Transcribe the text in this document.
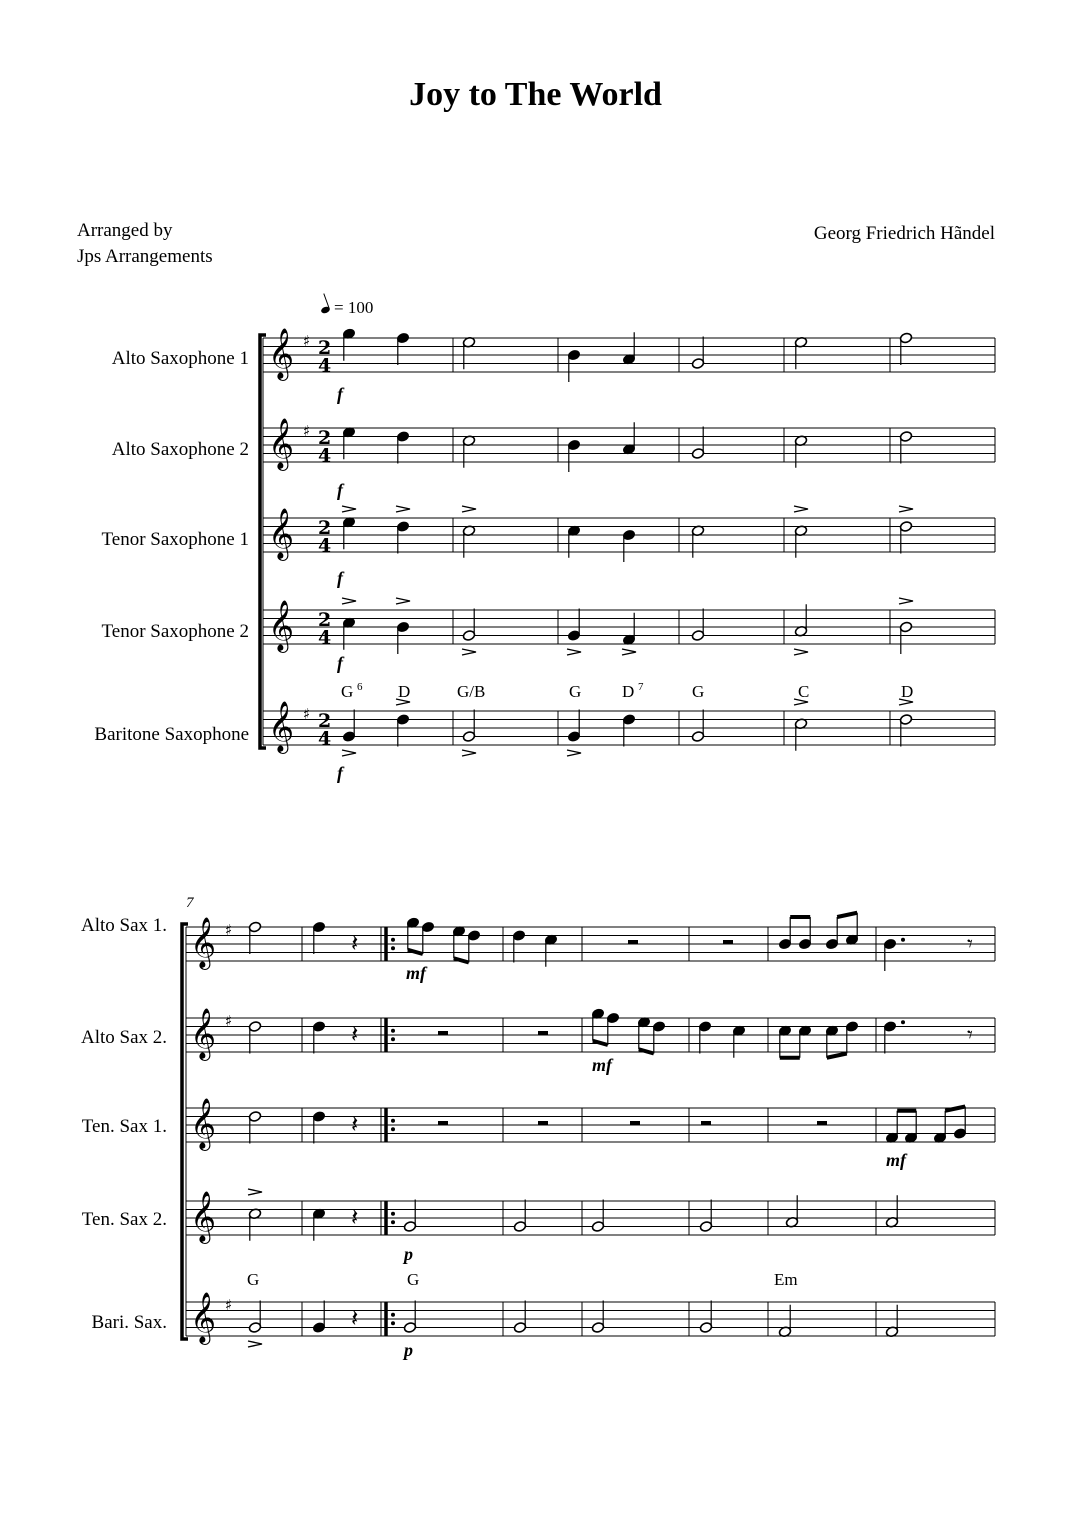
Joy to The World
Arranged by
Jps Arrangements
Georg Friedrich Hãndel
= 100
Alto Saxophone 1
Alto Saxophone 2
Tenor Saxophone 1
Tenor Saxophone 2
Baritone Saxophone
Alto Sax 1.
Alto Sax 2.
Ten. Sax 1.
Ten. Sax 2.
Bari. Sax.
𝄞 ♯ 2
4
𝄞 ♯ 2
4
𝄞 2
4
𝄞 2
4
𝄞 ♯ 2
4
𝄞 ♯
𝄞 ♯
𝄞
𝄞
𝄞 ♯
𝄽	𝄾
𝄽	𝄾
𝄽
𝄽
𝄽
f
f
f
f
f
mf
mf
mf
p
p
7
G	D	G/B	G D	G	C	D
6	7
G	G	Em
